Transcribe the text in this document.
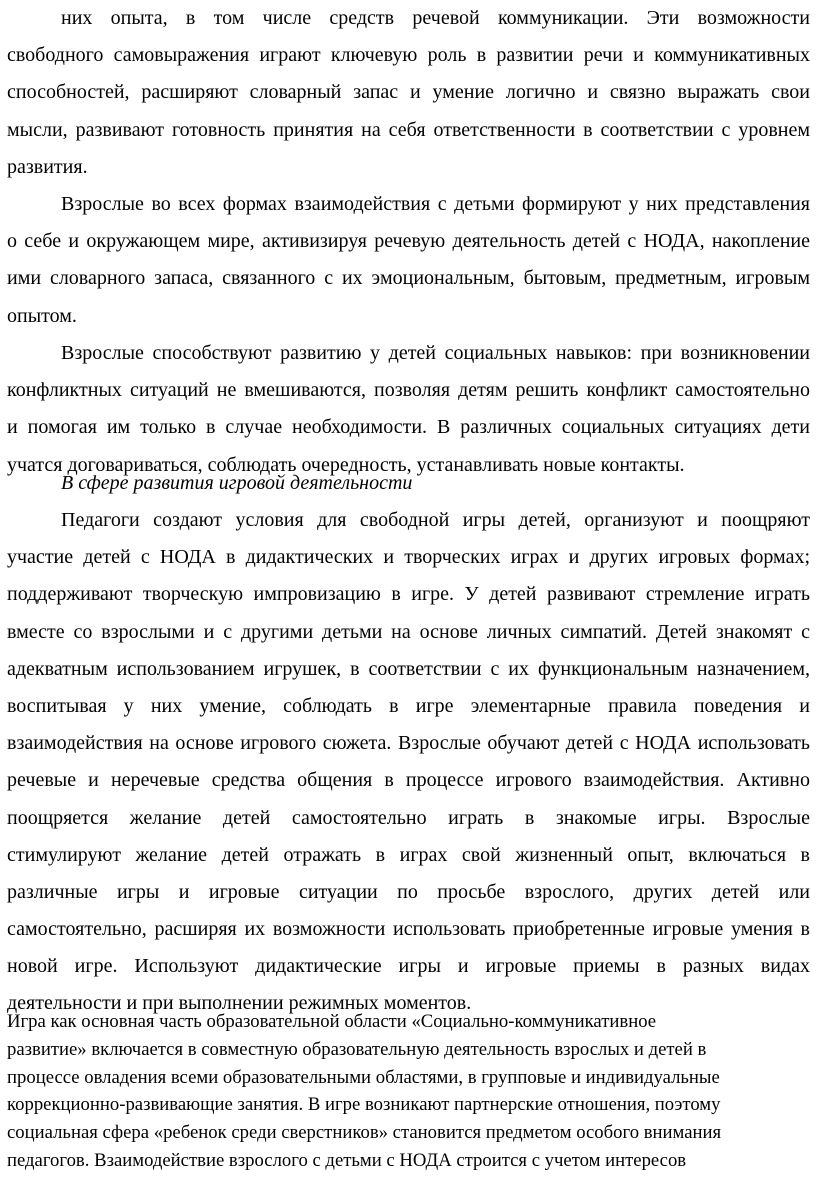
них опыта, в том числе средств речевой коммуникации. Эти возможности
свободного самовыражения играют ключевую роль в развитии речи и коммуникативных
способностей, расширяют словарный запас и умение логично и связно выражать свои
мысли, развивают готовность принятия на себя ответственности в соответствии с уровнем
развития.
Взрослые во всех формах взаимодействия с детьми формируют у них представления
о себе и окружающем мире, активизируя речевую деятельность детей с НОДА, накопление
ими словарного запаса, связанного с их эмоциональным, бытовым, предметным, игровым
опытом.
Взрослые способствуют развитию у детей социальных навыков: при возникновении
конфликтных ситуаций не вмешиваются, позволяя детям решить конфликт самостоятельно
и помогая им только в случае необходимости. В различных социальных ситуациях дети
учатся договариваться, соблюдать очередность, устанавливать новые контакты.
В сфере развития игровой деятельности
Педагоги создают условия для свободной игры детей, организуют и поощряют
участие детей с НОДА в дидактических и творческих играх и других игровых формах;
поддерживают творческую импровизацию в игре. У детей развивают стремление играть
вместе со взрослыми и с другими детьми на основе личных симпатий. Детей знакомят с
адекватным использованием игрушек, в соответствии с их функциональным назначением,
воспитывая у них умение, соблюдать в игре элементарные правила поведения и
взаимодействия на основе игрового сюжета. Взрослые обучают детей с НОДА использовать
речевые и неречевые средства общения в процессе игрового взаимодействия. Активно
поощряется желание детей самостоятельно играть в знакомые игры. Взрослые
стимулируют желание детей отражать в играх свой жизненный опыт, включаться в
различные игры и игровые ситуации по просьбе взрослого, других детей или
самостоятельно, расширяя их возможности использовать приобретенные игровые умения в
новой игре. Используют дидактические игры и игровые приемы в разных видах
деятельности и при выполнении режимных моментов.
Игра как основная часть образовательной области «Социально-коммуникативное
развитие» включается в совместную образовательную деятельность взрослых и детей в
процессе овладения всеми образовательными областями, в групповые и индивидуальные
коррекционно-развивающие занятия. В игре возникают партнерские отношения, поэтому
социальная сфера «ребенок среди сверстников» становится предметом особого внимания
педагогов. Взаимодействие взрослого с детьми с НОДА строится с учетом интересов
